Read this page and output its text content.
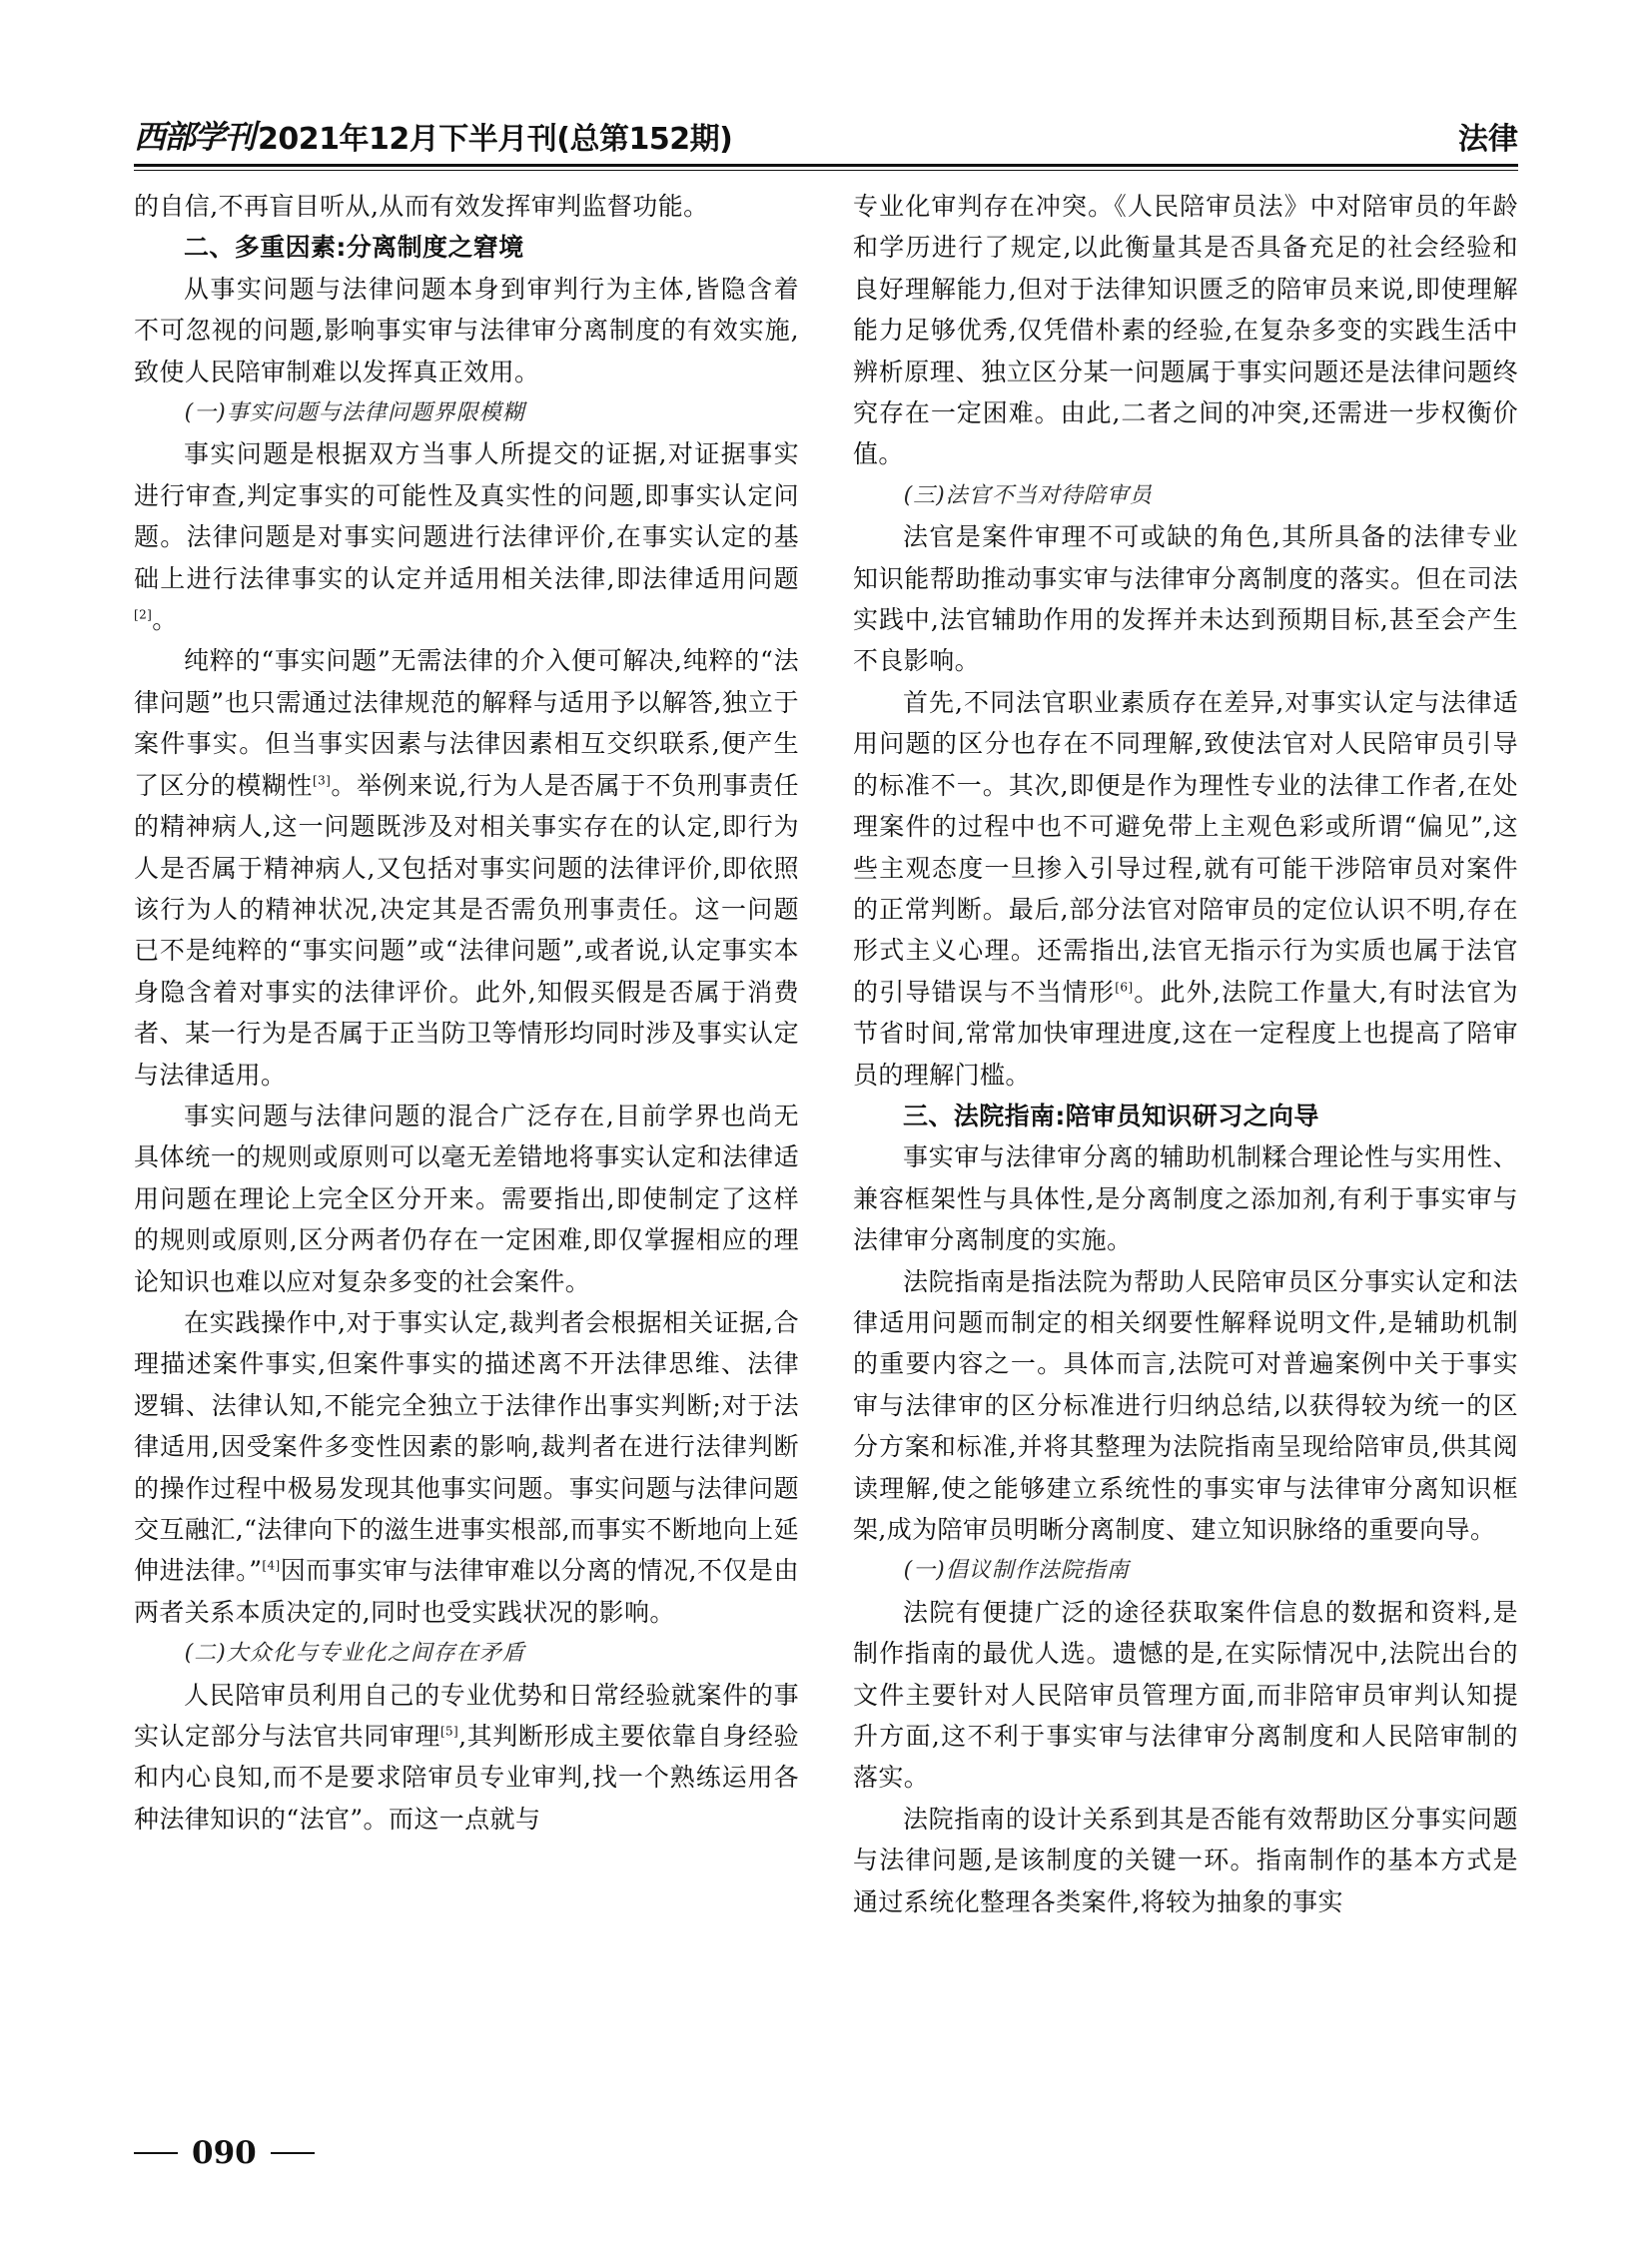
西部学刊 2021年12月下半月刊(总第152期)	法律

的自信,不再盲目听从,从而有效发挥审判监督功能。

二、多重因素:分离制度之窘境

从事实问题与法律问题本身到审判行为主体,皆隐含着不可忽视的问题,影响事实审与法律审分离制度的有效实施,致使人民陪审制难以发挥真正效用。

(一)事实问题与法律问题界限模糊

事实问题是根据双方当事人所提交的证据,对证据事实进行审查,判定事实的可能性及真实性的问题,即事实认定问题。法律问题是对事实问题进行法律评价,在事实认定的基础上进行法律事实的认定并适用相关法律,即法律适用问题[2]。

纯粹的“事实问题”无需法律的介入便可解决,纯粹的“法律问题”也只需通过法律规范的解释与适用予以解答,独立于案件事实。但当事实因素与法律因素相互交织联系,便产生了区分的模糊性[3]。举例来说,行为人是否属于不负刑事责任的精神病人,这一问题既涉及对相关事实存在的认定,即行为人是否属于精神病人,又包括对事实问题的法律评价,即依照该行为人的精神状况,决定其是否需负刑事责任。这一问题已不是纯粹的“事实问题”或“法律问题”,或者说,认定事实本身隐含着对事实的法律评价。此外,知假买假是否属于消费者、某一行为是否属于正当防卫等情形均同时涉及事实认定与法律适用。

事实问题与法律问题的混合广泛存在,目前学界也尚无具体统一的规则或原则可以毫无差错地将事实认定和法律适用问题在理论上完全区分开来。需要指出,即使制定了这样的规则或原则,区分两者仍存在一定困难,即仅掌握相应的理论知识也难以应对复杂多变的社会案件。

在实践操作中,对于事实认定,裁判者会根据相关证据,合理描述案件事实,但案件事实的描述离不开法律思维、法律逻辑、法律认知,不能完全独立于法律作出事实判断;对于法律适用,因受案件多变性因素的影响,裁判者在进行法律判断的操作过程中极易发现其他事实问题。事实问题与法律问题交互融汇,“法律向下的滋生进事实根部,而事实不断地向上延伸进法律。”[4]因而事实审与法律审难以分离的情况,不仅是由两者关系本质决定的,同时也受实践状况的影响。

(二)大众化与专业化之间存在矛盾

人民陪审员利用自己的专业优势和日常经验就案件的事实认定部分与法官共同审理[5],其判断形成主要依靠自身经验和内心良知,而不是要求陪审员专业审判,找一个熟练运用各种法律知识的“法官”。而这一点就与

专业化审判存在冲突。《人民陪审员法》中对陪审员的年龄和学历进行了规定,以此衡量其是否具备充足的社会经验和良好理解能力,但对于法律知识匮乏的陪审员来说,即使理解能力足够优秀,仅凭借朴素的经验,在复杂多变的实践生活中辨析原理、独立区分某一问题属于事实问题还是法律问题终究存在一定困难。由此,二者之间的冲突,还需进一步权衡价值。

(三)法官不当对待陪审员

法官是案件审理不可或缺的角色,其所具备的法律专业知识能帮助推动事实审与法律审分离制度的落实。但在司法实践中,法官辅助作用的发挥并未达到预期目标,甚至会产生不良影响。

首先,不同法官职业素质存在差异,对事实认定与法律适用问题的区分也存在不同理解,致使法官对人民陪审员引导的标准不一。其次,即便是作为理性专业的法律工作者,在处理案件的过程中也不可避免带上主观色彩或所谓“偏见”,这些主观态度一旦掺入引导过程,就有可能干涉陪审员对案件的正常判断。最后,部分法官对陪审员的定位认识不明,存在形式主义心理。还需指出,法官无指示行为实质也属于法官的引导错误与不当情形[6]。此外,法院工作量大,有时法官为节省时间,常常加快审理进度,这在一定程度上也提高了陪审员的理解门槛。

三、法院指南:陪审员知识研习之向导

事实审与法律审分离的辅助机制糅合理论性与实用性、兼容框架性与具体性,是分离制度之添加剂,有利于事实审与法律审分离制度的实施。

法院指南是指法院为帮助人民陪审员区分事实认定和法律适用问题而制定的相关纲要性解释说明文件,是辅助机制的重要内容之一。具体而言,法院可对普遍案例中关于事实审与法律审的区分标准进行归纳总结,以获得较为统一的区分方案和标准,并将其整理为法院指南呈现给陪审员,供其阅读理解,使之能够建立系统性的事实审与法律审分离知识框架,成为陪审员明晰分离制度、建立知识脉络的重要向导。

(一)倡议制作法院指南

法院有便捷广泛的途径获取案件信息的数据和资料,是制作指南的最优人选。遗憾的是,在实际情况中,法院出台的文件主要针对人民陪审员管理方面,而非陪审员审判认知提升方面,这不利于事实审与法律审分离制度和人民陪审制的落实。

法院指南的设计关系到其是否能有效帮助区分事实问题与法律问题,是该制度的关键一环。指南制作的基本方式是通过系统化整理各类案件,将较为抽象的事实

090
